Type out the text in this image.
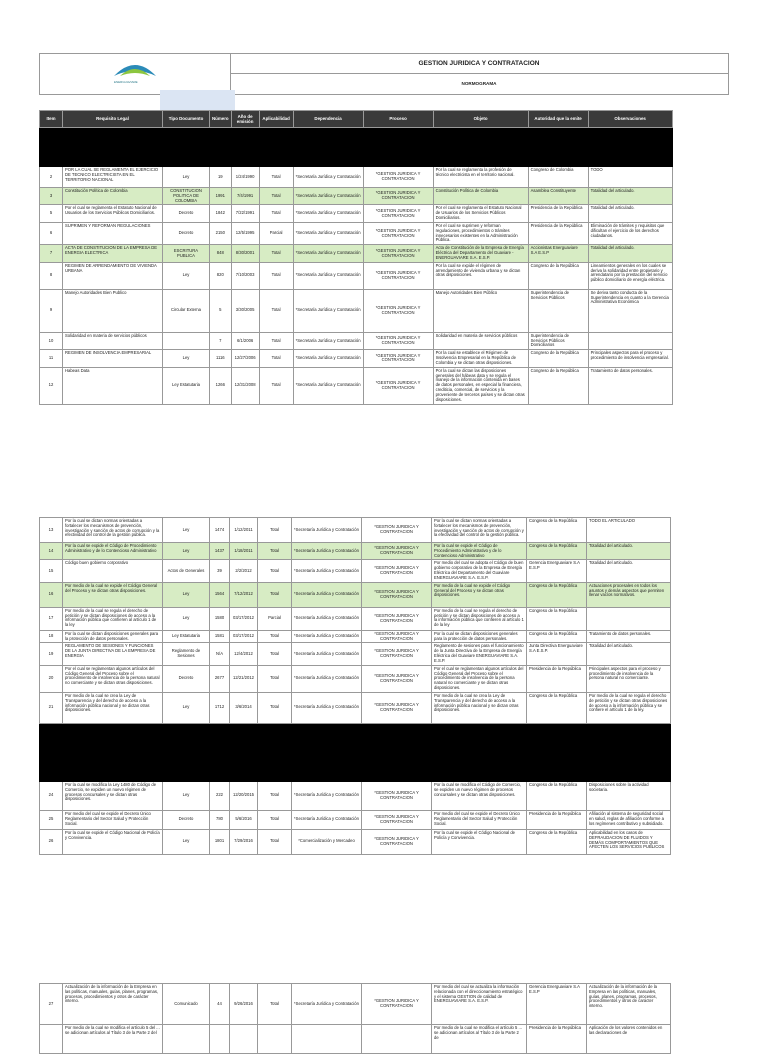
ENERGUAVIARE
GESTION JURIDICA Y CONTRATACION
NORMOGRAMA
Item	Requisito Legal	Tipo Documento	Número	Año de emisión	Aplicabilidad	Dependencia	Proceso	Objeto	Autoridad que la emite	Observaciones

2	POR LA CUAL SE REGLAMENTA EL EJERCICIO DE TECNICO ELECTRICISTA EN EL TERRITORIO NACIONAL	Ley	19	1/24/1990	Total	*Secretaría Jurídica y Contratación	*GESTION JURIDICA Y CONTRATACION	Por la cual se reglamenta la profesión de técnico electricista en el territorio nacional.	Congreso de Colombia	TODO
3	Constitución Política de Colombia	CONSTITUCION POLITICA DE COLOMBIA	1991	7/4/1991	Total	*Secretaría Jurídica y Contratación	*GESTION JURIDICA Y CONTRATACION	Constitución Política de Colombia	Asamblea Constituyente	Totalidad del articulado.
5	Por el cual se reglamenta el Estatuto Nacional de Usuarios de los Servicios Públicos Domiciliarios.	Decreto	1842	7/22/1991	Total	*Secretaría Jurídica y Contratación	*GESTION JURIDICA Y CONTRATACION	Por el cual se reglamenta el Estatuto Nacional de Usuarios de los Servicios Públicos Domiciliarios.	Presidencia de la República	Totalidad del articulado.
6	SUPRIMEN Y REFORMAN REGULACIONES	Decreto	2150	12/5/1995	Parcial	*Secretaría Jurídica y Contratación	*GESTION JURIDICA Y CONTRATACION	Por el cual se suprimen y reforman regulaciones, procedimientos o trámites innecesarios existentes en la Administración Pública.	Presidencia de la República	Eliminación de trámites y requisitos que dificultan el ejercicio de los derechos ciudadanos.
7	ACTA DE CONSTITUCION DE LA EMPRESA DE ENERGIA ELECTRICA	ESCRITURA PUBLICA	848	8/30/2001	Total	*Secretaría Jurídica y Contratación	*GESTION JURIDICA Y CONTRATACION	Acta de Constitución de la Empresa de Energía Eléctrica del Departamento del Guaviare - ENERGUAVIARE S.A. E.S.P.	Accionistas Energuaviare S.A E.S.P	Totalidad del articulado.
8	REGIMEN DE ARRENDAMIENTO DE VIVIENDA URBANA	Ley	820	7/10/2003	Total	*Secretaría Jurídica y Contratación	*GESTION JURIDICA Y CONTRATACION	Por la cual se expide el régimen de arrendamiento de vivienda urbana y se dictan otras disposiciones.	Congreso de la República	Lineamientos generales en los cuales se deriva la solidaridad entre propietario y arrendatario por la prestación del servicio público domiciliario de energía eléctrica.
9	Manejo Autoridades Bien Publico	Circular Externa	5	3/30/2005	Total	*Secretaría Jurídica y Contratación	*GESTION JURIDICA Y CONTRATACION	Manejo Autoridades Bien Público	Superintendencia de Servicios Públicos	Se deriva tanto conducta de la Superintendencia en cuanto a la Gerencia Administrativa Económica
10	Solidaridad en materia de servicios públicos		7	6/1/2006	Total	*Secretaría Jurídica y Contratación	*GESTION JURIDICA Y CONTRATACION	Solidaridad en materia de servicios públicos	Superintendencia de Servicios Públicos Domiciliarios	
11	REGIMEN DE INSOLVENCIA EMPRESARIAL	Ley	1116	12/27/2006	Total	*Secretaría Jurídica y Contratación	*GESTION JURIDICA Y CONTRATACION	Por la cual se establece el Régimen de Insolvencia Empresarial en la República de Colombia y se dictan otras disposiciones.	Congreso de la República	Principales aspectos para el proceso y procedimiento de insolvencia empresarial.
12	Habeas Data	Ley Estatutaria	1266	12/31/2008	Total	*Secretaría Jurídica y Contratación	*GESTION JURIDICA Y CONTRATACION	Por la cual se dictan las disposiciones generales del hábeas data y se regula el manejo de la información contenida en bases de datos personales, en especial la financiera, crediticia, comercial, de servicios y la proveniente de terceros países y se dictan otras disposiciones.	Congreso de la República	Tratamiento de datos personales.
13	Por la cual se dictan normas orientadas a fortalecer los mecanismos de prevención, investigación y sanción de actos de corrupción y la efectividad del control de la gestión pública.	Ley	1474	1/12/2011	Total	*Secretaría Jurídica y Contratación	*GESTION JURIDICA Y CONTRATACION	Por la cual se dictan normas orientadas a fortalecer los mecanismos de prevención, investigación y sanción de actos de corrupción y la efectividad del control de la gestión pública.	Congreso de la República	TODO EL ARTICULADO
14	Por la cual se expide el Código de Procedimiento Administrativo y de lo Contencioso Administrativo	Ley	1437	1/18/2011	Total	*Secretaría Jurídica y Contratación	*GESTION JURIDICA Y CONTRATACION	Por la cual se expide el Código de Procedimiento Administrativo y de lo Contencioso Administrativo	Congreso de la República	Totalidad del articulado.
15	Código buen gobierno corporativo	Actos de Generales	39	2/2/2012	Total	*Secretaría Jurídica y Contratación	*GESTION JURIDICA Y CONTRATACION	Por medio del cual se adopta el Código de buen gobierno corporativo de la Empresa de Energía Eléctrica del Departamento del Guaviare ENERGUAVIARE S.A. E.S.P.	Gerencia Energuaviare S.A E.S.P	Totalidad del articulado.
16	Por medio de la cual se expide el Código General del Proceso y se dictan otras disposiciones.	Ley	1564	7/12/2012	Total	*Secretaría Jurídica y Contratación	*GESTION JURIDICA Y CONTRATACION	Por medio de la cual se expide el Código General del Proceso y se dictan otras disposiciones.	Congreso de la República	Actuaciones procesales en todos los asuntos y demás aspectos que permiten llenar vacíos normativos.
17	Por medio de la cual se regula el derecho de petición y se dictan disposiciones de acceso a la información pública que confieren al artículo 1 de la ley	Ley	1580	03/17/2012	Parcial	*Secretaría Jurídica y Contratación	*GESTION JURIDICA Y CONTRATACION	Por medio de la cual se regula el derecho de petición y se dictan disposiciones de acceso a la información pública que confieren al artículo 1 de la ley	Congreso de la República	
18	Por la cual se dictan disposiciones generales para la protección de datos personales.	Ley Estatutaria	1581	03/17/2012	Total	*Secretaría Jurídica y Contratación	*GESTION JURIDICA Y CONTRATACION	Por la cual se dictan disposiciones generales para la protección de datos personales.	Congreso de la República	Tratamiento de datos personales.
19	REGLAMENTO DE SESIONES Y FUNCIONES DE LA JUNTA DIRECTIVA DE LA EMPRESA DE ENERGIA	Reglamento de Sesiones	N/A	12/4/2012	Total	*Secretaría Jurídica y Contratación	*GESTION JURIDICA Y CONTRATACION	Reglamento de sesiones para el funcionamiento de la Junta Directiva de la Empresa de Energía Eléctrica del Guaviare ENERGUAVIARE S.A. E.S.P.	Junta Directiva Energuaviare S.A E.S.P.	Totalidad del articulado.
20	Por el cual se reglamentan algunos artículos del Código General del Proceso sobre el procedimiento de insolvencia de la persona natural no comerciante y se dictan otras disposiciones.	Decreto	2677	12/21/2012	Total	*Secretaría Jurídica y Contratación	*GESTION JURIDICA Y CONTRATACION	Por el cual se reglamentan algunos artículos del Código General del Proceso sobre el procedimiento de insolvencia de la persona natural no comerciante y se dictan otras disposiciones.	Presidencia de la República	Principales aspectos para el proceso y procedimiento de insolvencia de la persona natural no comerciante.
21	Por medio de la cual se crea la Ley de Transparencia y del derecho de acceso a la información pública nacional y se dictan otras disposiciones.	Ley	1712	3/6/2014	Total	*Secretaría Jurídica y Contratación	*GESTION JURIDICA Y CONTRATACION	Por medio de la cual se crea la Ley de Transparencia y del derecho de acceso a la información pública nacional y se dictan otras disposiciones.	Congreso de la República	Por medio de la cual se regula el derecho de petición y se dictan otras disposiciones de acceso a la información pública y se confiere el artículo 1 de la ley.

24	Por la cual se modifica la Ley 1480 de Código de Comercio, se expiden un nuevo régimen de procesos concursales y se dictan otras disposiciones.	Ley	222	12/20/2015	Total	*Secretaría Jurídica y Contratación	*GESTION JURIDICA Y CONTRATACION	Por la cual se modifica el Código de Comercio, se expiden un nuevo régimen de procesos concursales y se dictan otras disposiciones.	Congreso de la República	Disposiciones sobre la actividad societaria.
25	Por medio del cual se expide el Decreto Único Reglamentario del Sector Salud y Protección Social.	Decreto	780	5/6/2016	Total	*Secretaría Jurídica y Contratación	*GESTION JURIDICA Y CONTRATACION	Por medio del cual se expide el Decreto Único Reglamentario del Sector Salud y Protección Social.	Presidencia de la República	Afiliación al sistema de seguridad social en salud, reglas de afiliación conforme a los regímenes contributivo y subsidiado.
26	Por la cual se expide el Código Nacional de Policía y Convivencia.	Ley	1801	7/29/2016	Total	*Comercialización y Mercadeo	*GESTION JURIDICA Y CONTRATACION	Por la cual se expide el Código Nacional de Policía y Convivencia.	Congreso de la República	Aplicabilidad en los casos de DEFRAUDACION DE FLUIDOS Y DEMÁS COMPORTAMIENTOS QUE AFECTEN LOS SERVICIOS PUBLICOS
27	Actualización de la información de la Empresa en las políticas, manuales, guías, planes, programas, procesos, procedimientos y otros de carácter interno.	Comunicado	44	9/26/2016	Total	*Secretaría Jurídica y Contratación	*GESTION JURIDICA Y CONTRATACION	Por medio del cual se actualiza la información relacionada con el direccionamiento estratégico y el sistema GESTION de calidad de ENERGUAVIARE S.A. E.S.P.	Gerencia Energuaviare S.A E.S.P	Actualización de la información de la Empresa en las políticas, manuales, guías, planes, programas, procesos, procedimientos y otros de carácter interno.
	Por medio de la cual se modifica el artículo 5 del ... se adicionan artículos al Título 3 de la Parte 2 del							Por medio de la cual se modifica el artículo 5 ... se adicionan artículos al Título 3 de la Parte 2 de	Presidencia de la República	Aplicación de los valores contenidos en las declaraciones de
